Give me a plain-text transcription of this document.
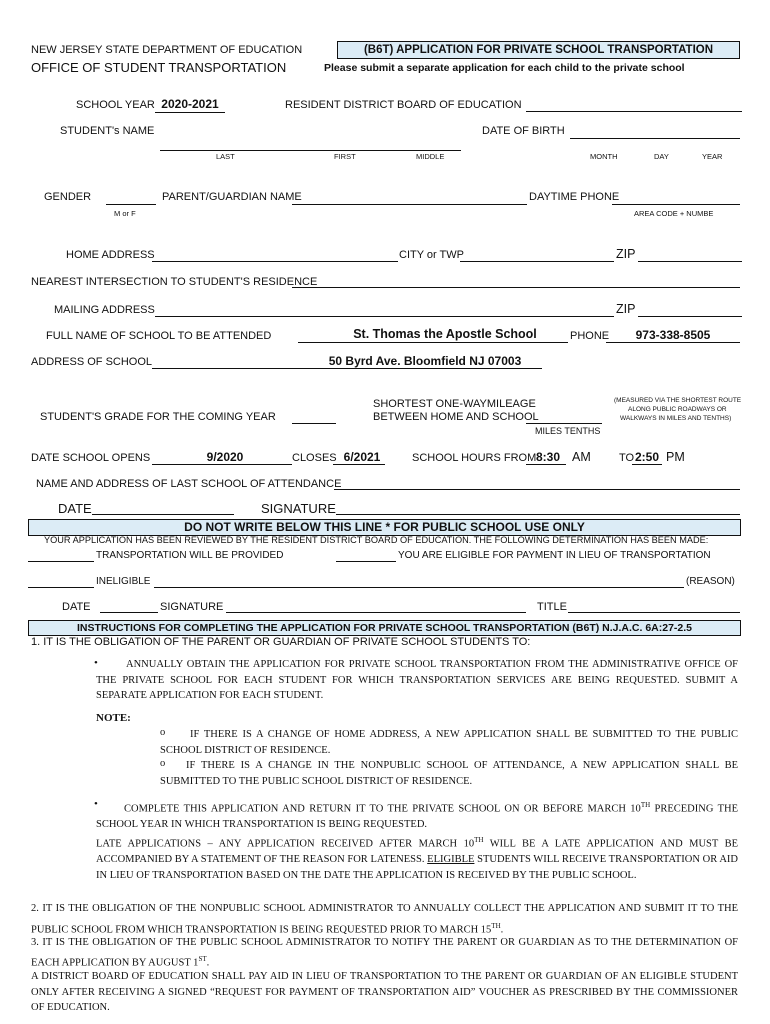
NEW JERSEY STATE DEPARTMENT OF EDUCATION
OFFICE OF STUDENT TRANSPORTATION
(B6T) APPLICATION FOR PRIVATE SCHOOL TRANSPORTATION
Please submit a separate application for each child to the private school
SCHOOL YEAR 2020-2021	RESIDENT DISTRICT BOARD OF EDUCATION
STUDENT's NAME
LAST	FIRST	MIDDLE
DATE OF BIRTH
MONTH	DAY	YEAR
GENDER
M or F
PARENT/GUARDIAN NAME	DAYTIME PHONE
AREA CODE + NUMBE
HOME ADDRESS	CITY or TWP	ZIP
NEAREST INTERSECTION TO STUDENT'S RESIDENCE
MAILING ADDRESS	ZIP
FULL NAME OF SCHOOL TO BE ATTENDED	St. Thomas the Apostle School	PHONE	973-338-8505
ADDRESS OF SCHOOL	50 Byrd Ave. Bloomfield NJ 07003
SHORTEST ONE-WAYMILEAGE
BETWEEN HOME AND SCHOOL
MILES TENTHS
(MEASURED VIA THE SHORTEST ROUTE
ALONG PUBLIC ROADWAYS OR
WALKWAYS IN MILES AND TENTHS)
STUDENT'S GRADE FOR THE COMING YEAR
DATE SCHOOL OPENS	9/2020	CLOSES 6/2021	SCHOOL HOURS FROM 8:30 AM	TO 2:50 PM
NAME AND ADDRESS OF LAST SCHOOL OF ATTENDANCE
DATE	SIGNATURE
DO NOT WRITE BELOW THIS LINE * FOR PUBLIC SCHOOL USE ONLY
YOUR APPLICATION HAS BEEN REVIEWED BY THE RESIDENT DISTRICT BOARD OF EDUCATION. THE FOLLOWING DETERMINATION HAS BEEN MADE:
TRANSPORTATION WILL BE PROVIDED	YOU ARE ELIGIBLE FOR PAYMENT IN LIEU OF TRANSPORTATION
INELIGIBLE	(REASON)
DATE	SIGNATURE	TITLE
INSTRUCTIONS FOR COMPLETING THE APPLICATION FOR PRIVATE SCHOOL TRANSPORTATION (B6T) N.J.A.C. 6A:27-2.5
1. IT IS THE OBLIGATION OF THE PARENT OR GUARDIAN OF PRIVATE SCHOOL STUDENTS TO:
•	ANNUALLY OBTAIN THE APPLICATION FOR PRIVATE SCHOOL TRANSPORTATION FROM THE ADMINISTRATIVE OFFICE OF THE PRIVATE SCHOOL FOR EACH STUDENT FOR WHICH TRANSPORTATION SERVICES ARE BEING REQUESTED. SUBMIT A SEPARATE APPLICATION FOR EACH STUDENT.
NOTE:
o	IF THERE IS A CHANGE OF HOME ADDRESS, A NEW APPLICATION SHALL BE SUBMITTED TO THE PUBLIC SCHOOL DISTRICT OF RESIDENCE.
o	IF THERE IS A CHANGE IN THE NONPUBLIC SCHOOL OF ATTENDANCE, A NEW APPLICATION SHALL BE SUBMITTED TO THE PUBLIC SCHOOL DISTRICT OF RESIDENCE.
•	COMPLETE THIS APPLICATION AND RETURN IT TO THE PRIVATE SCHOOL ON OR BEFORE MARCH 10TH PRECEDING THE SCHOOL YEAR IN WHICH TRANSPORTATION IS BEING REQUESTED.
LATE APPLICATIONS – ANY APPLICATION RECEIVED AFTER MARCH 10TH WILL BE A LATE APPLICATION AND MUST BE ACCOMPANIED BY A STATEMENT OF THE REASON FOR LATENESS. ELIGIBLE STUDENTS WILL RECEIVE TRANSPORTATION OR AID IN LIEU OF TRANSPORTATION BASED ON THE DATE THE APPLICATION IS RECEIVED BY THE PUBLIC SCHOOL.
2. IT IS THE OBLIGATION OF THE NONPUBLIC SCHOOL ADMINISTRATOR TO ANNUALLY COLLECT THE APPLICATION AND SUBMIT IT TO THE PUBLIC SCHOOL FROM WHICH TRANSPORTATION IS BEING REQUESTED PRIOR TO MARCH 15TH.
3. IT IS THE OBLIGATION OF THE PUBLIC SCHOOL ADMINISTRATOR TO NOTIFY THE PARENT OR GUARDIAN AS TO THE DETERMINATION OF EACH APPLICATION BY AUGUST 1ST.
A DISTRICT BOARD OF EDUCATION SHALL PAY AID IN LIEU OF TRANSPORTATION TO THE PARENT OR GUARDIAN OF AN ELIGIBLE STUDENT ONLY AFTER RECEIVING A SIGNED “REQUEST FOR PAYMENT OF TRANSPORTATION AID” VOUCHER AS PRESCRIBED BY THE COMMISSIONER OF EDUCATION.
